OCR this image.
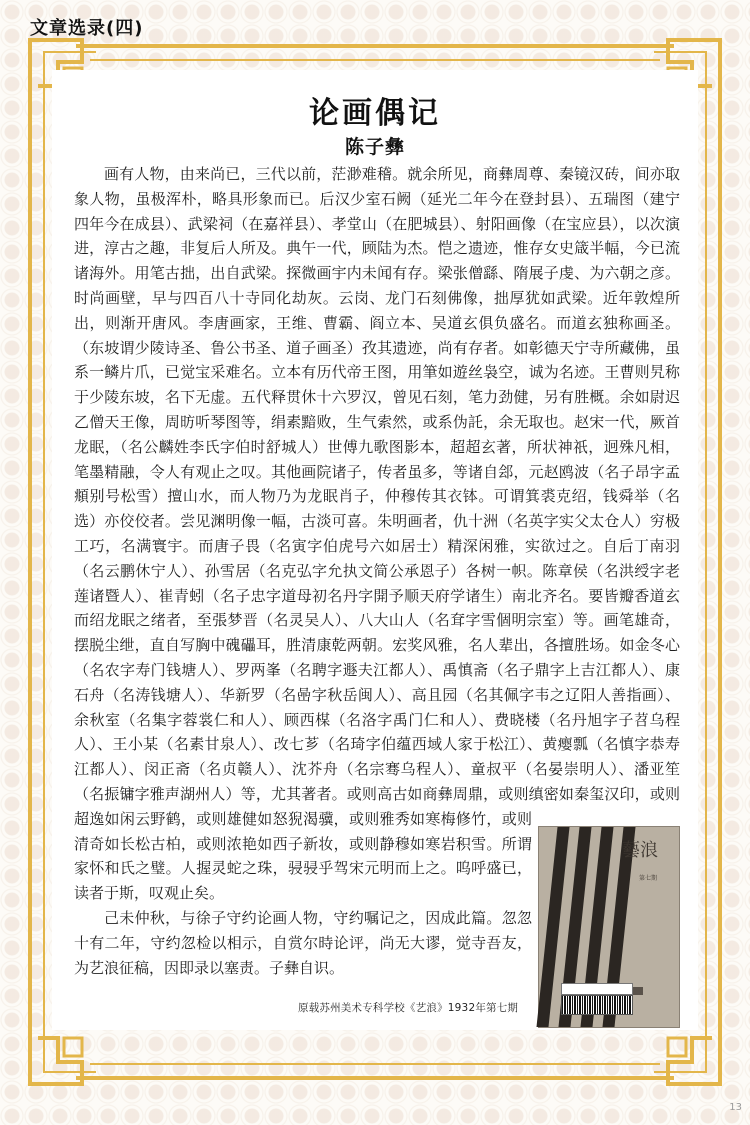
文章选录(四)
论画偶记
陈子彝

画有人物，由来尚已，三代以前，茫渺难稽。就余所见，商彝周尊、秦镜汉砖，间亦取象人物，虽极浑朴，略具形象而已。后汉少室石阙（延光二年今在登封县）、五瑞图（建宁四年今在成县）、武梁祠（在嘉祥县）、孝堂山（在肥城县）、射阳画像（在宝应县），以次演进，淳古之趣，非复后人所及。典午一代，顾陆为杰。恺之遗迹，惟存女史箴半幅，今已流诸海外。用笔古拙，出自武梁。探微画宇内未闻有存。梁张僧繇、隋展子虔、为六朝之彦。时尚画壁，早与四百八十寺同化劫灰。云岗、龙门石刻佛像，拙厚犹如武梁。近年敦煌所出，则渐开唐风。李唐画家，王维、曹霸、阎立本、吴道玄俱负盛名。而道玄独称画圣。（东坡谓少陵诗圣、鲁公书圣、道子画圣）孜其遗迹，尚有存者。如彰德天宁寺所藏佛，虽系一鳞片爪，已觉宝采难名。立本有历代帝王图，用筆如遊丝袅空，诚为名迹。王曹则旯称于少陵东坡，名下无虚。五代释贯休十六罗汉，曾见石刻，笔力劲健，另有胜概。余如尉迟乙僧天王像，周昉听琴图等，绢素黯败，生气索然，或系伪託，余无取也。赵宋一代，厥首龙眠，（名公麟姓李氏字伯时舒城人）世傅九歌图影本，超超玄著，所状神祇，迥殊凡相，笔墨精融，令人有观止之叹。其他画院诸子，传者虽多，等诸自郐，元赵鸥波（名子昂字孟頫别号松雪）擅山水，而人物乃为龙眠肖子，仲穆传其衣钵。可谓箕裘克绍，钱舜举（名选）亦佼佼者。尝见渊明像一幅，古淡可喜。朱明画者，仇十洲（名英字实父太仓人）穷极工巧，名满寰宇。而唐子畏（名寅字伯虎号六如居士）精深闲雅，实欲过之。自后丁南羽（名云鹏休宁人）、孙雪居（名克弘字允执文简公承恩子）各树一帜。陈章侯（名洪绶字老莲诸暨人）、崔青蚓（名子忠字道母初名丹字開予顺天府学诸生）南北齐名。要皆瓣香道玄而绍龙眠之绪者，至張梦晋（名灵吴人）、八大山人（名耷字雪個明宗室）等。画笔雄奇，摆脱尘绁，直自写胸中磈礧耳，胜清康乾两朝。宏奖风雅，名人辈出，各擅胜场。如金冬心（名农字寿门钱塘人）、罗两峯（名聘字遯夫江都人）、禹慎斋（名子鼎字上吉江都人）、康石舟（名涛钱塘人）、华新罗（名喦字秋岳闽人）、高且园（名其佩字韦之辽阳人善指画）、余秋室（名集字蓉裳仁和人）、顾西楳（名洛字禹门仁和人）、费晓楼（名丹旭字子苕乌程人）、王小某（名素甘泉人）、改七芗（名琦字伯蕴西域人家于松江）、黄瘿瓢（名慎字恭寿江都人）、闵正斋（名贞赣人）、沈芥舟（名宗骞乌程人）、童叔平（名晏崇明人）、潘亚笙（名振镛字雅声湖州人）等，尤其著者。或则高古如商彝周鼎，或则缜密如秦玺汉印，或则超逸如闲云野鹤，或则雄健如怒猊渴骥，或则雅秀如寒梅修竹，或则清奇如长松古柏，或则浓艳如西子新妆，或则静穆如寒岩积雪。所谓家怀和氏之璧。人握灵蛇之珠，骎骎乎驾宋元明而上之。呜呼盛已，读者于斯，叹观止矣。

己未仲秋，与徐子守约论画人物，守约嘱记之，因成此篇。忽忽十有二年，守约忽检以相示，自赏尔時论评，尚无大谬，觉寺吾友，为艺浪征稿，因即录以塞责。子彝自识。

藝浪
第七期
原载苏州美术专科学校《艺浪》1932年第七期
13
